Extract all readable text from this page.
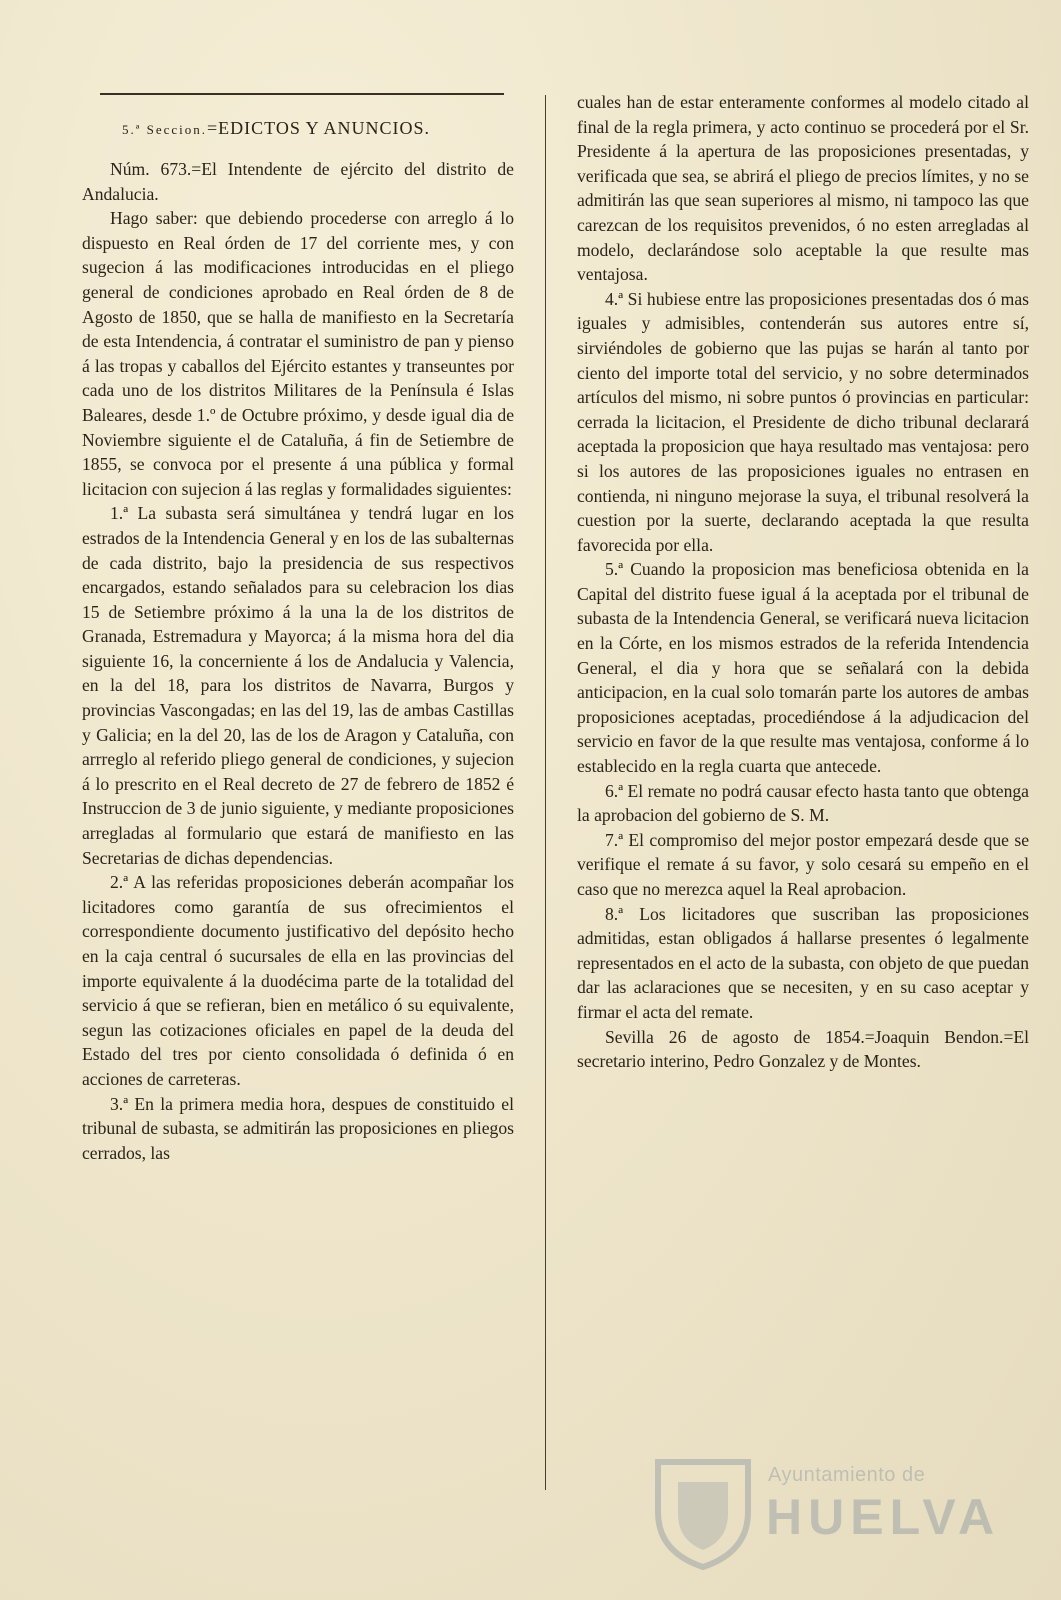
5.ª Seccion.=EDICTOS Y ANUNCIOS.

Núm. 673.=El Intendente de ejército del distrito de Andalucia.

Hago saber: que debiendo procederse con arreglo á lo dispuesto en Real órden de 17 del corriente mes, y con sugecion á las modificaciones introducidas en el pliego general de condiciones aprobado en Real órden de 8 de Agosto de 1850, que se halla de manifiesto en la Secretaría de esta Intendencia, á contratar el suministro de pan y pienso á las tropas y caballos del Ejército estantes y transeuntes por cada uno de los distritos Militares de la Península é Islas Baleares, desde 1.º de Octubre próximo, y desde igual dia de Noviembre siguiente el de Cataluña, á fin de Setiembre de 1855, se convoca por el presente á una pública y formal licitacion con sujecion á las reglas y formalidades siguientes:

1.ª La subasta será simultánea y tendrá lugar en los estrados de la Intendencia General y en los de las subalternas de cada distrito, bajo la presidencia de sus respectivos encargados, estando señalados para su celebracion los dias 15 de Setiembre próximo á la una la de los distritos de Granada, Estremadura y Mayorca; á la misma hora del dia siguiente 16, la concerniente á los de Andalucia y Valencia, en la del 18, para los distritos de Navarra, Burgos y provincias Vascongadas; en las del 19, las de ambas Castillas y Galicia; en la del 20, las de los de Aragon y Cataluña, con arrreglo al referido pliego general de condiciones, y sujecion á lo prescrito en el Real decreto de 27 de febrero de 1852 é Instruccion de 3 de junio siguiente, y mediante proposiciones arregladas al formulario que estará de manifiesto en las Secretarias de dichas dependencias.

2.ª A las referidas proposiciones deberán acompañar los licitadores como garantía de sus ofrecimientos el correspondiente documento justificativo del depósito hecho en la caja central ó sucursales de ella en las provincias del importe equivalente á la duodécima parte de la totalidad del servicio á que se refieran, bien en metálico ó su equivalente, segun las cotizaciones oficiales en papel de la deuda del Estado del tres por ciento consolidada ó definida ó en acciones de carreteras.

3.ª En la primera media hora, despues de constituido el tribunal de subasta, se admitirán las proposiciones en pliegos cerrados, las

cuales han de estar enteramente conformes al modelo citado al final de la regla primera, y acto continuo se procederá por el Sr. Presidente á la apertura de las proposiciones presentadas, y verificada que sea, se abrirá el pliego de precios límites, y no se admitirán las que sean superiores al mismo, ni tampoco las que carezcan de los requisitos prevenidos, ó no esten arregladas al modelo, declarándose solo aceptable la que resulte mas ventajosa.

4.ª Si hubiese entre las proposiciones presentadas dos ó mas iguales y admisibles, contenderán sus autores entre sí, sirviéndoles de gobierno que las pujas se harán al tanto por ciento del importe total del servicio, y no sobre determinados artículos del mismo, ni sobre puntos ó provincias en particular: cerrada la licitacion, el Presidente de dicho tribunal declarará aceptada la proposicion que haya resultado mas ventajosa: pero si los autores de las proposiciones iguales no entrasen en contienda, ni ninguno mejorase la suya, el tribunal resolverá la cuestion por la suerte, declarando aceptada la que resulta favorecida por ella.

5.ª Cuando la proposicion mas beneficiosa obtenida en la Capital del distrito fuese igual á la aceptada por el tribunal de subasta de la Intendencia General, se verificará nueva licitacion en la Córte, en los mismos estrados de la referida Intendencia General, el dia y hora que se señalará con la debida anticipacion, en la cual solo tomarán parte los autores de ambas proposiciones aceptadas, procediéndose á la adjudicacion del servicio en favor de la que resulte mas ventajosa, conforme á lo establecido en la regla cuarta que antecede.

6.ª El remate no podrá causar efecto hasta tanto que obtenga la aprobacion del gobierno de S. M.

7.ª El compromiso del mejor postor empezará desde que se verifique el remate á su favor, y solo cesará su empeño en el caso que no merezca aquel la Real aprobacion.

8.ª Los licitadores que suscriban las proposiciones admitidas, estan obligados á hallarse presentes ó legalmente representados en el acto de la subasta, con objeto de que puedan dar las aclaraciones que se necesiten, y en su caso aceptar y firmar el acta del remate.

Sevilla 26 de agosto de 1854.=Joaquin Bendon.=El secretario interino, Pedro Gonzalez y de Montes.

Ayuntamiento de
HUELVA
